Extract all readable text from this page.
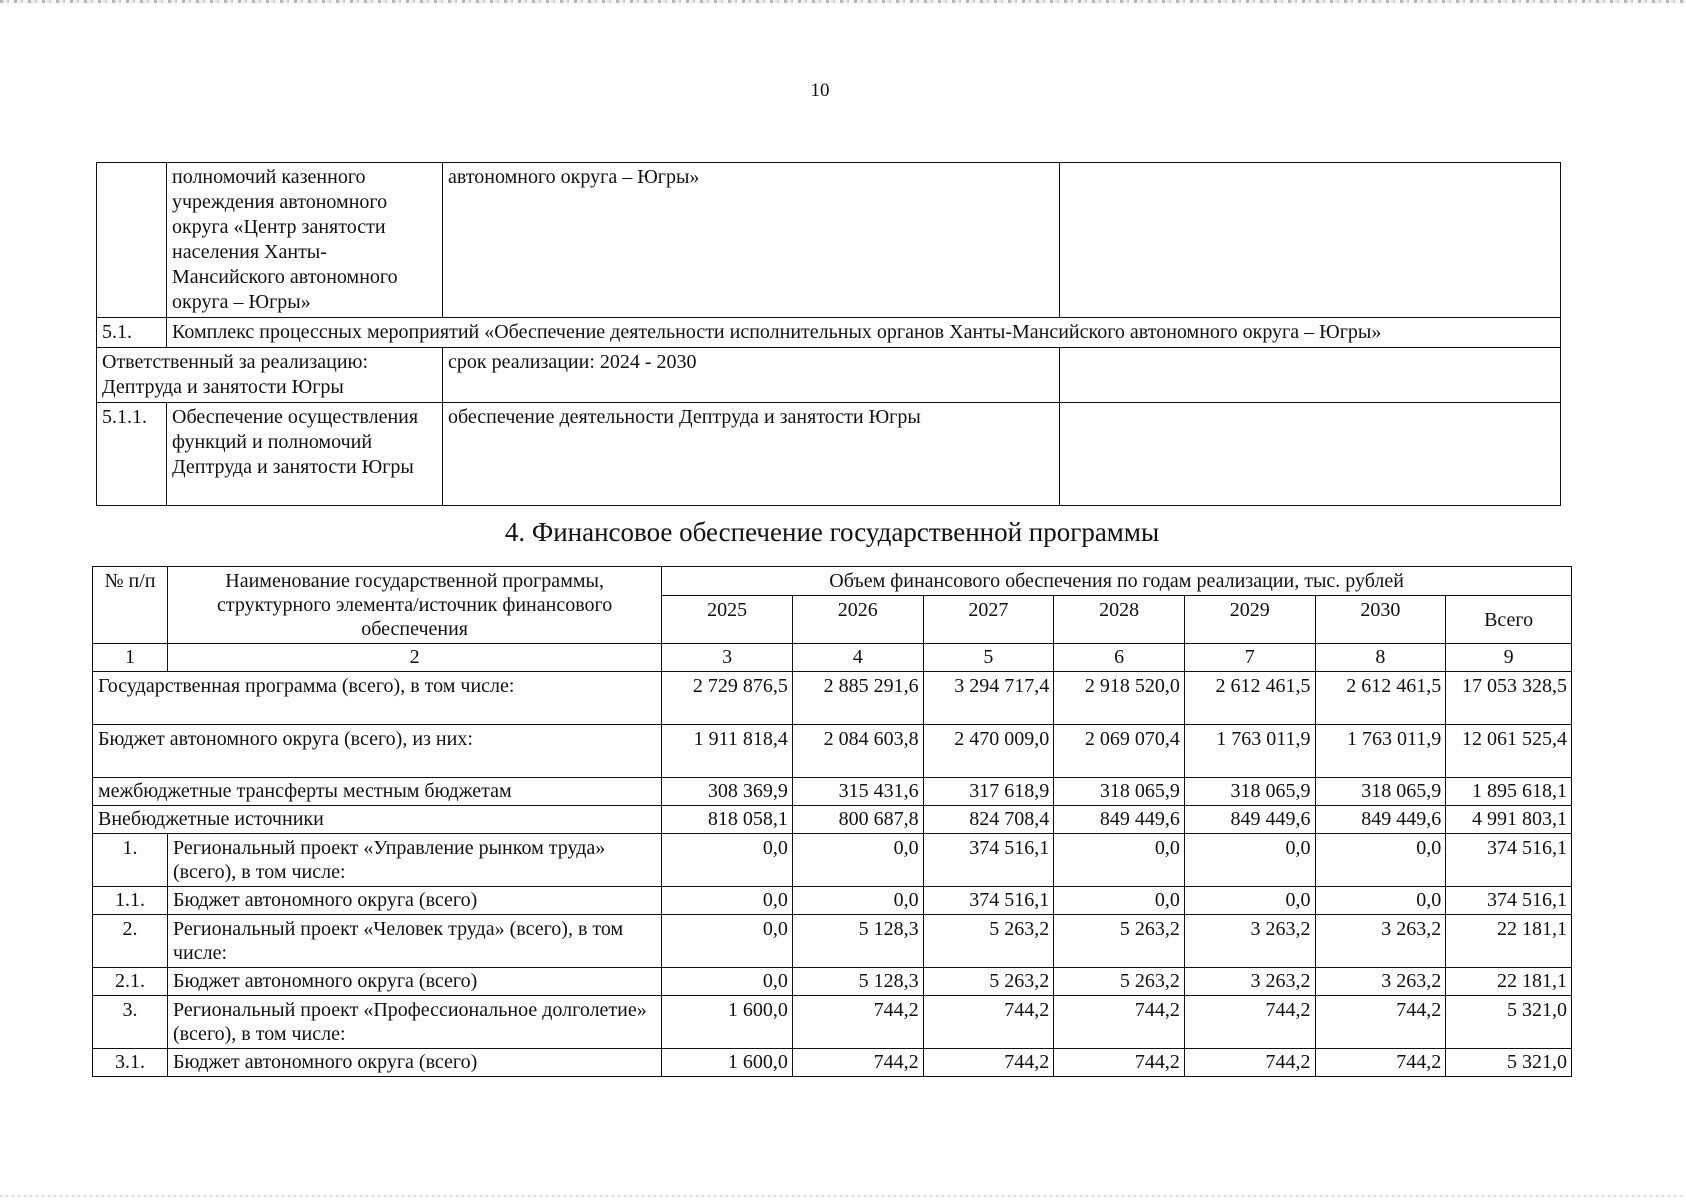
10
	полномочий казенного учреждения автономного округа «Центр занятости населения Ханты-Мансийского автономного округа – Югры»	автономного округа – Югры»	
5.1.	Комплекс процессных мероприятий «Обеспечение деятельности исполнительных органов Ханты-Мансийского автономного округа – Югры»		
Ответственный за реализацию: Дептруда и занятости Югры		срок реализации: 2024 - 2030	
5.1.1.	Обеспечение осуществления функций и полномочий Дептруда и занятости Югры	обеспечение деятельности Дептруда и занятости Югры	
4. Финансовое обеспечение государственной программы
№ п/п	Наименование государственной программы, структурного элемента/источник финансового обеспечения	Объем финансового обеспечения по годам реализации, тыс. рублей						
		2025	2026	2027	2028	2029	2030	Всего
1	2	3	4	5	6	7	8	9
Государственная программа (всего), в том числе:		2 729 876,5	2 885 291,6	3 294 717,4	2 918 520,0	2 612 461,5	2 612 461,5	17 053 328,5
Бюджет автономного округа (всего), из них:		1 911 818,4	2 084 603,8	2 470 009,0	2 069 070,4	1 763 011,9	1 763 011,9	12 061 525,4
межбюджетные трансферты местным бюджетам		308 369,9	315 431,6	317 618,9	318 065,9	318 065,9	318 065,9	1 895 618,1
Внебюджетные источники		818 058,1	800 687,8	824 708,4	849 449,6	849 449,6	849 449,6	4 991 803,1
1.	Региональный проект «Управление рынком труда» (всего), в том числе:	0,0	0,0	374 516,1	0,0	0,0	0,0	374 516,1
1.1.	Бюджет автономного округа (всего)	0,0	0,0	374 516,1	0,0	0,0	0,0	374 516,1
2.	Региональный проект «Человек труда» (всего), в том числе:	0,0	5 128,3	5 263,2	5 263,2	3 263,2	3 263,2	22 181,1
2.1.	Бюджет автономного округа (всего)	0,0	5 128,3	5 263,2	5 263,2	3 263,2	3 263,2	22 181,1
3.	Региональный проект «Профессиональное долголетие» (всего), в том числе:	1 600,0	744,2	744,2	744,2	744,2	744,2	5 321,0
3.1.	Бюджет автономного округа (всего)	1 600,0	744,2	744,2	744,2	744,2	744,2	5 321,0
